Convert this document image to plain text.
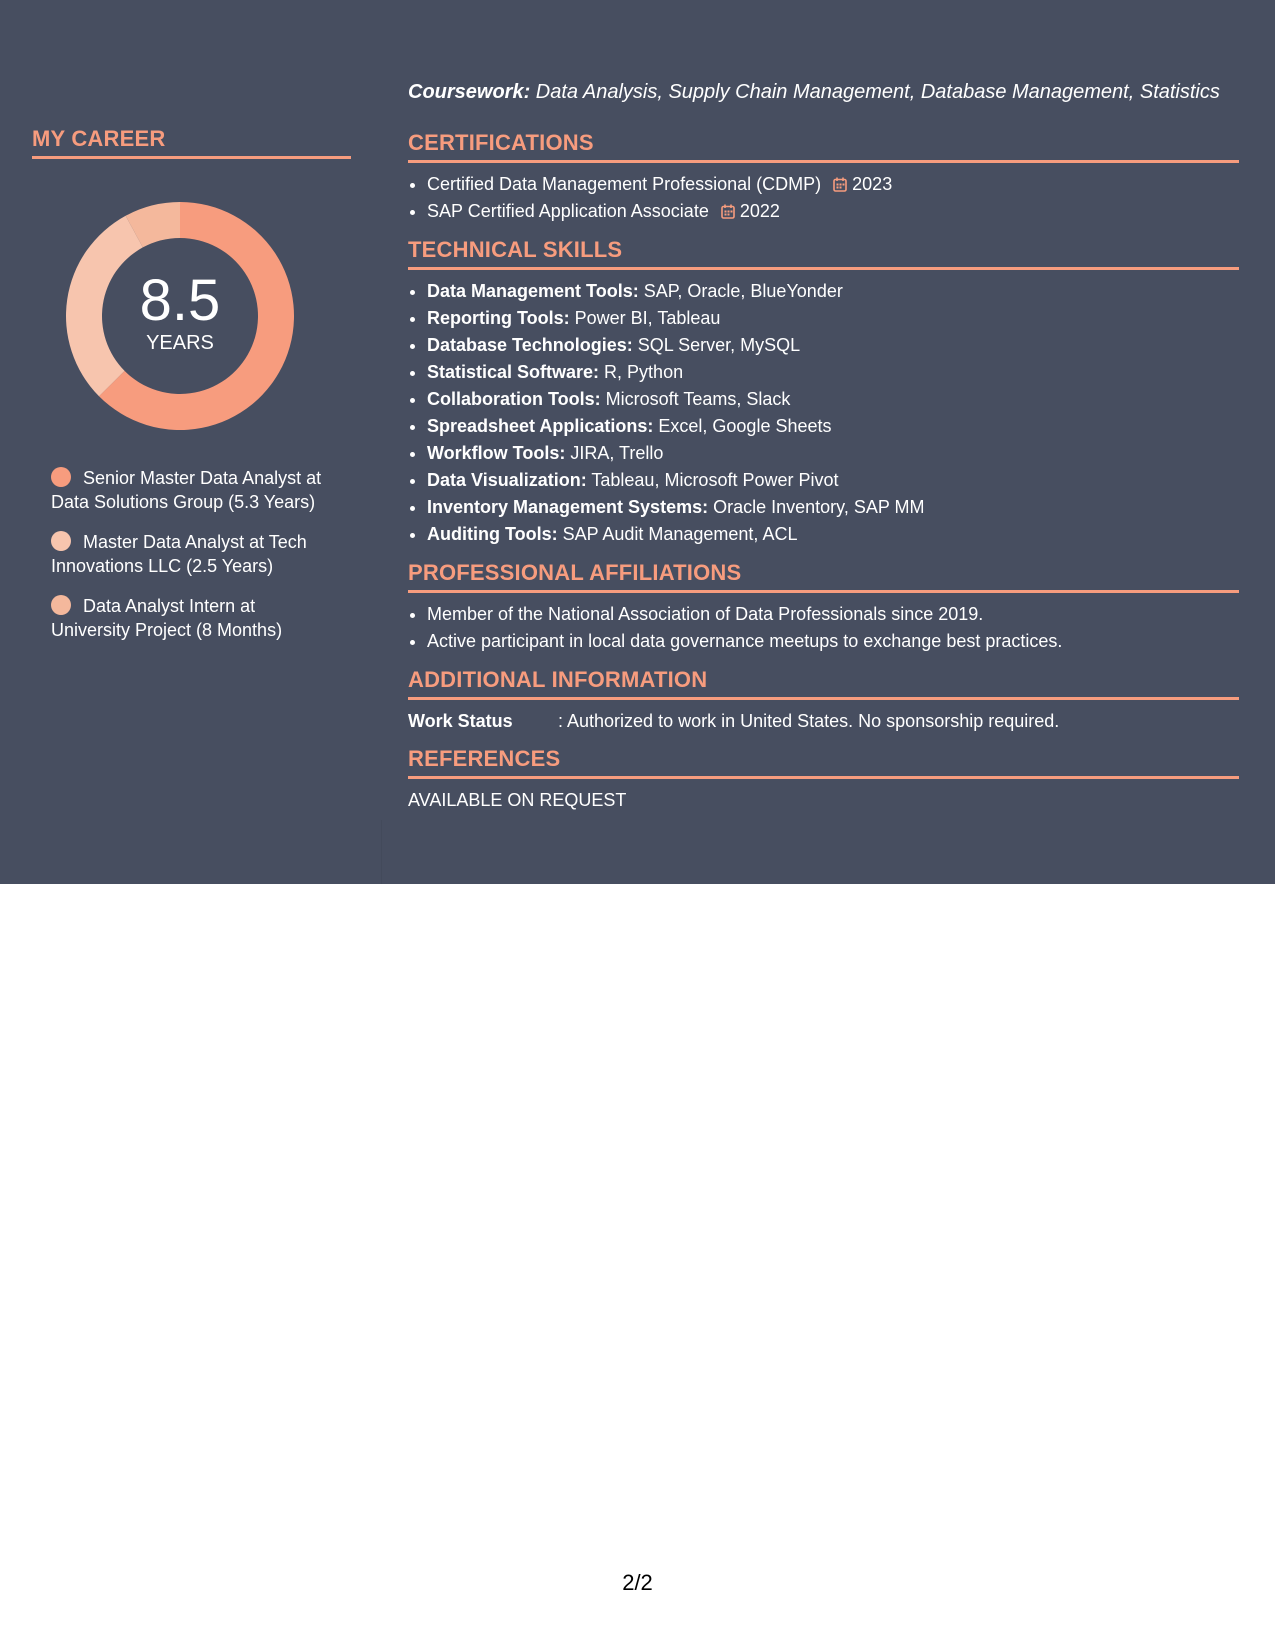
MY CAREER
8.5
YEARS
Senior Master Data Analyst at Data Solutions Group (5.3 Years)
Master Data Analyst at Tech Innovations LLC (2.5 Years)
Data Analyst Intern at University Project (8 Months)

Coursework: Data Analysis, Supply Chain Management, Database Management, Statistics

CERTIFICATIONS
• Certified Data Management Professional (CDMP) 2023
• SAP Certified Application Associate 2022
TECHNICAL SKILLS
• Data Management Tools: SAP, Oracle, BlueYonder
• Reporting Tools: Power BI, Tableau
• Database Technologies: SQL Server, MySQL
• Statistical Software: R, Python
• Collaboration Tools: Microsoft Teams, Slack
• Spreadsheet Applications: Excel, Google Sheets
• Workflow Tools: JIRA, Trello
• Data Visualization: Tableau, Microsoft Power Pivot
• Inventory Management Systems: Oracle Inventory, SAP MM
• Auditing Tools: SAP Audit Management, ACL
PROFESSIONAL AFFILIATIONS
• Member of the National Association of Data Professionals since 2019.
• Active participant in local data governance meetups to exchange best practices.
ADDITIONAL INFORMATION
Work Status	: Authorized to work in United States. No sponsorship required.
REFERENCES

AVAILABLE ON REQUEST

2/2
